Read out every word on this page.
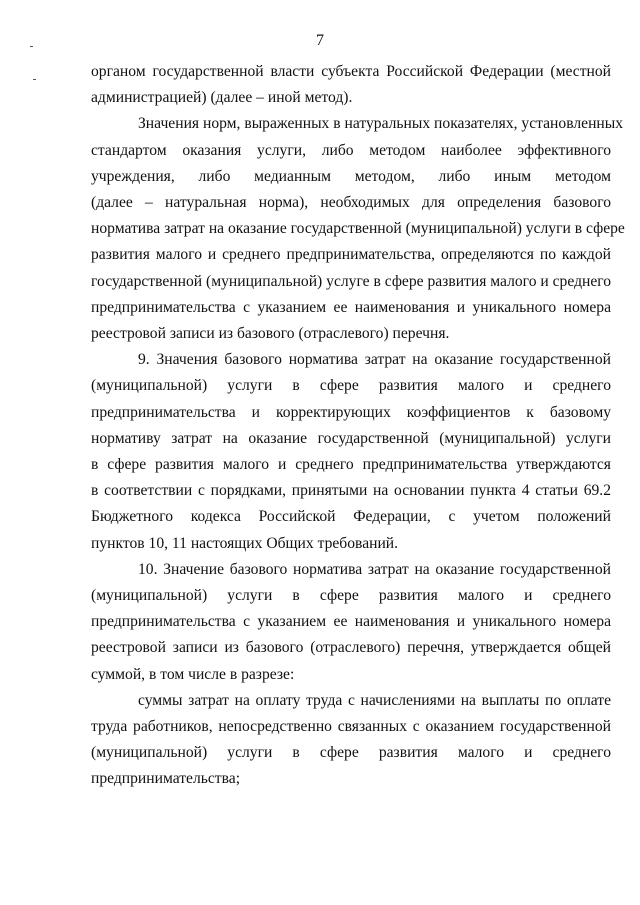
7

органом государственной власти субъекта Российской Федерации (местной
администрацией) (далее – иной метод).

Значения норм, выраженных в натуральных показателях, установленных
стандартом оказания услуги, либо методом наиболее эффективного
учреждения, либо медианным методом, либо иным методом
(далее – натуральная норма), необходимых для определения базового
норматива затрат на оказание государственной (муниципальной) услуги в сфере
развития малого и среднего предпринимательства, определяются по каждой
государственной (муниципальной) услуге в сфере развития малого и среднего
предпринимательства с указанием ее наименования и уникального номера
реестровой записи из базового (отраслевого) перечня.

9. Значения базового норматива затрат на оказание государственной
(муниципальной) услуги в сфере развития малого и среднего
предпринимательства и корректирующих коэффициентов к базовому
нормативу затрат на оказание государственной (муниципальной) услуги
в сфере развития малого и среднего предпринимательства утверждаются
в соответствии с порядками, принятыми на основании пункта 4 статьи 69.2
Бюджетного кодекса Российской Федерации, с учетом положений
пунктов 10, 11 настоящих Общих требований.

10. Значение базового норматива затрат на оказание государственной
(муниципальной) услуги в сфере развития малого и среднего
предпринимательства с указанием ее наименования и уникального номера
реестровой записи из базового (отраслевого) перечня, утверждается общей
суммой, в том числе в разрезе:

суммы затрат на оплату труда с начислениями на выплаты по оплате
труда работников, непосредственно связанных с оказанием государственной
(муниципальной) услуги в сфере развития малого и среднего
предпринимательства;
